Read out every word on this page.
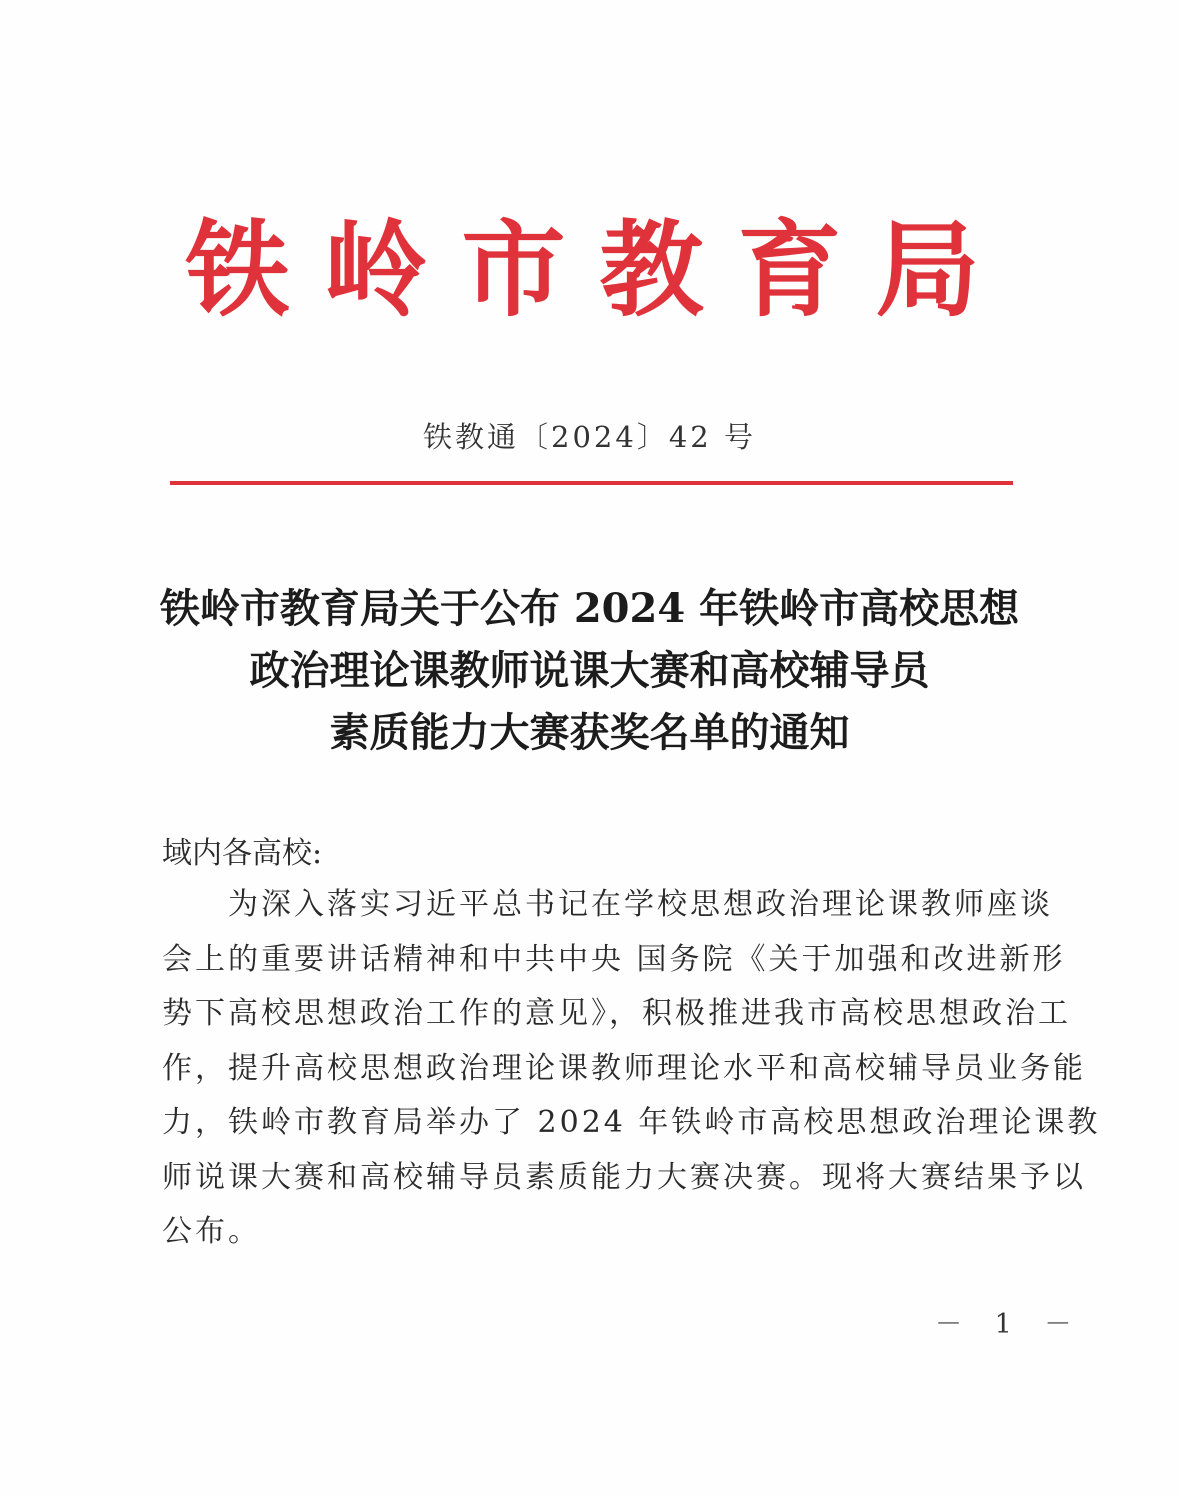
铁岭市教育局
铁教通〔2024〕42 号
铁岭市教育局关于公布 2024 年铁岭市高校思想
政治理论课教师说课大赛和高校辅导员
素质能力大赛获奖名单的通知
域内各高校:
　　为深入落实习近平总书记在学校思想政治理论课教师座谈
会上的重要讲话精神和中共中央 国务院《关于加强和改进新形
势下高校思想政治工作的意见》，积极推进我市高校思想政治工
作，提升高校思想政治理论课教师理论水平和高校辅导员业务能
力，铁岭市教育局举办了 2024 年铁岭市高校思想政治理论课教
师说课大赛和高校辅导员素质能力大赛决赛。现将大赛结果予以
公布。
－ 1 －
